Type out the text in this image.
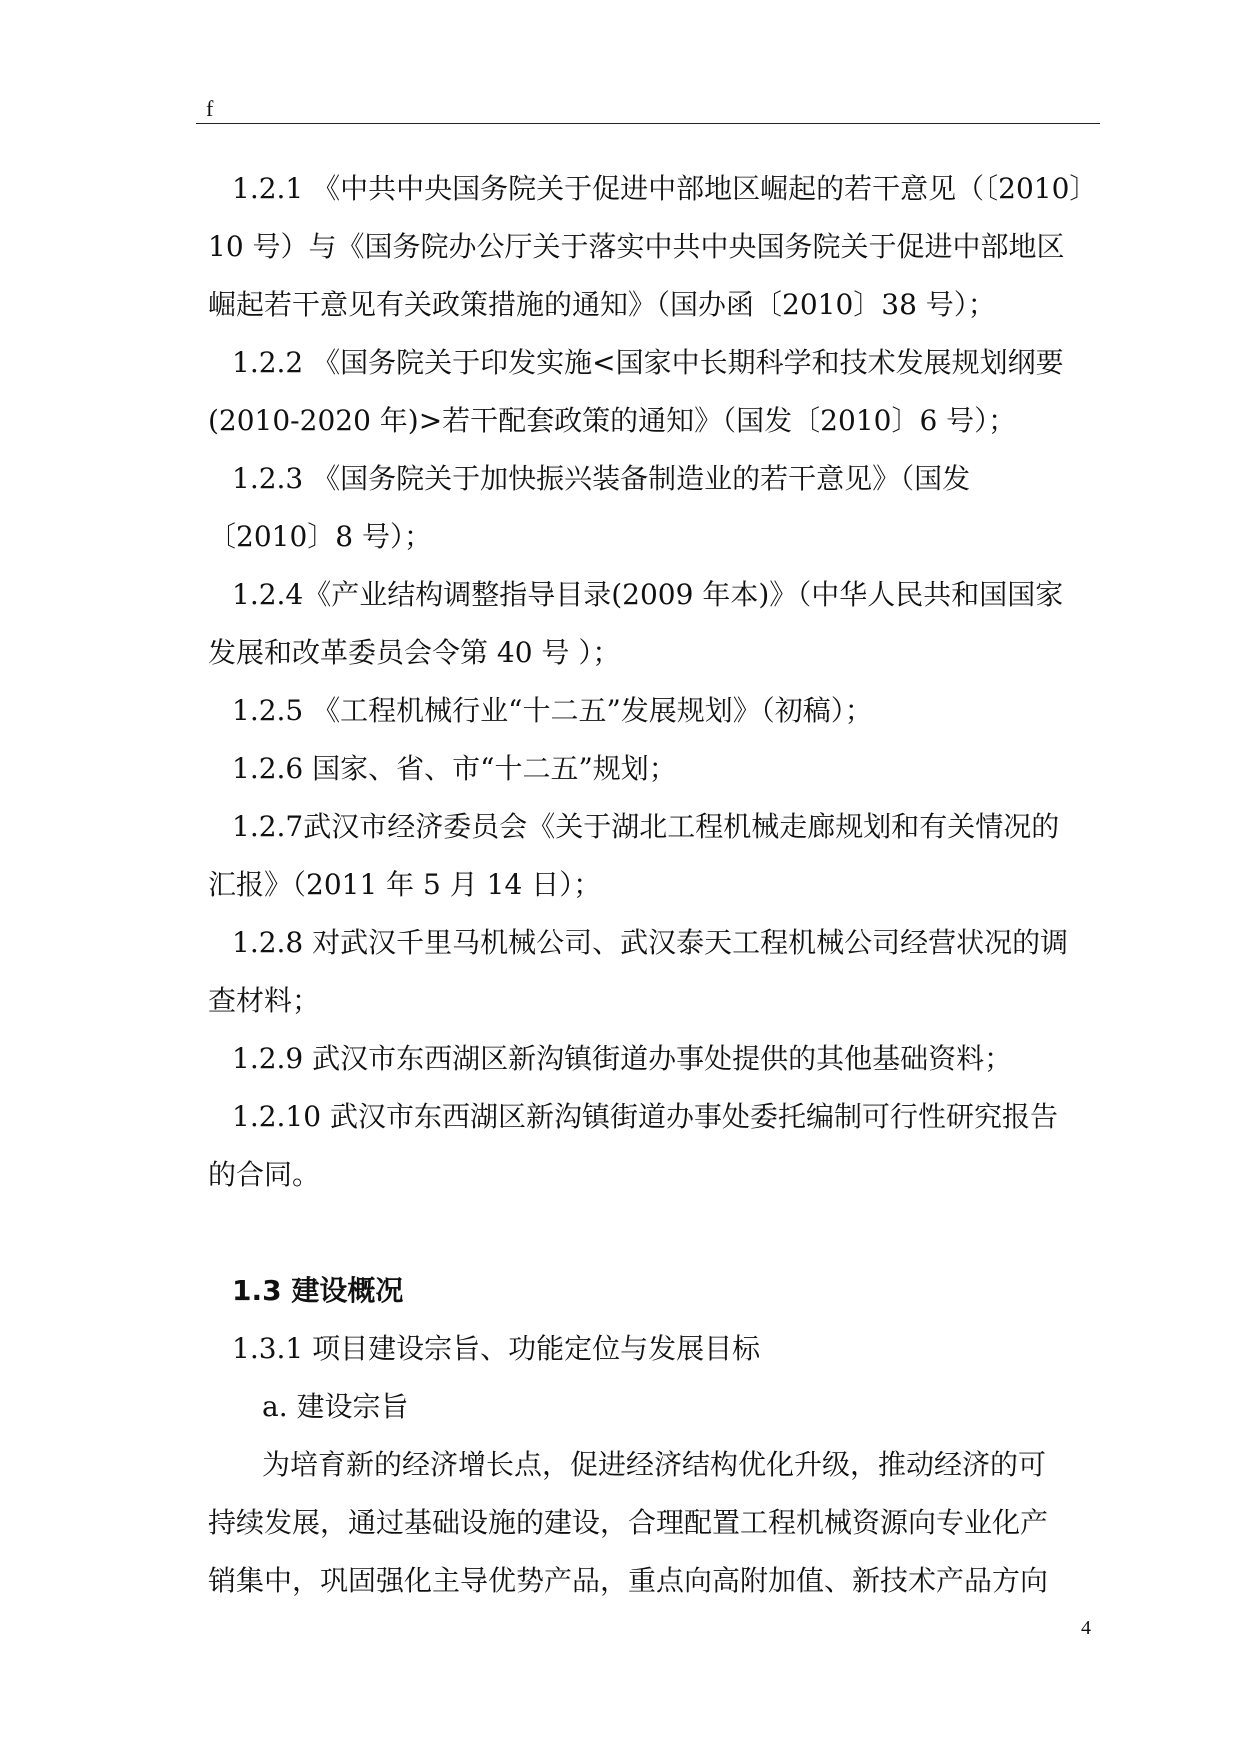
f

1.2.1 《中共中央国务院关于促进中部地区崛起的若干意见（〔2010〕

10 号）与《国务院办公厅关于落实中共中央国务院关于促进中部地区

崛起若干意见有关政策措施的通知》（国办函〔2010〕38 号）；

1.2.2 《国务院关于印发实施<国家中长期科学和技术发展规划纲要

(2010-2020 年)>若干配套政策的通知》（国发〔2010〕6 号）；

1.2.3 《国务院关于加快振兴装备制造业的若干意见》（国发

〔2010〕8 号）；

1.2.4《产业结构调整指导目录(2009 年本)》（中华人民共和国国家

发展和改革委员会令第 40 号 ）；

1.2.5 《工程机械行业“十二五”发展规划》（初稿）；

1.2.6 国家、省、市“十二五”规划；

1.2.7武汉市经济委员会《关于湖北工程机械走廊规划和有关情况的

汇报》（2011 年 5 月 14 日）；

1.2.8 对武汉千里马机械公司、武汉泰天工程机械公司经营状况的调

查材料；

1.2.9 武汉市东西湖区新沟镇街道办事处提供的其他基础资料；

1.2.10 武汉市东西湖区新沟镇街道办事处委托编制可行性研究报告

的合同。

1.3 建设概况

1.3.1 项目建设宗旨、功能定位与发展目标

a. 建设宗旨

为培育新的经济增长点，促进经济结构优化升级，推动经济的可

持续发展，通过基础设施的建设，合理配置工程机械资源向专业化产

销集中，巩固强化主导优势产品，重点向高附加值、新技术产品方向

4
